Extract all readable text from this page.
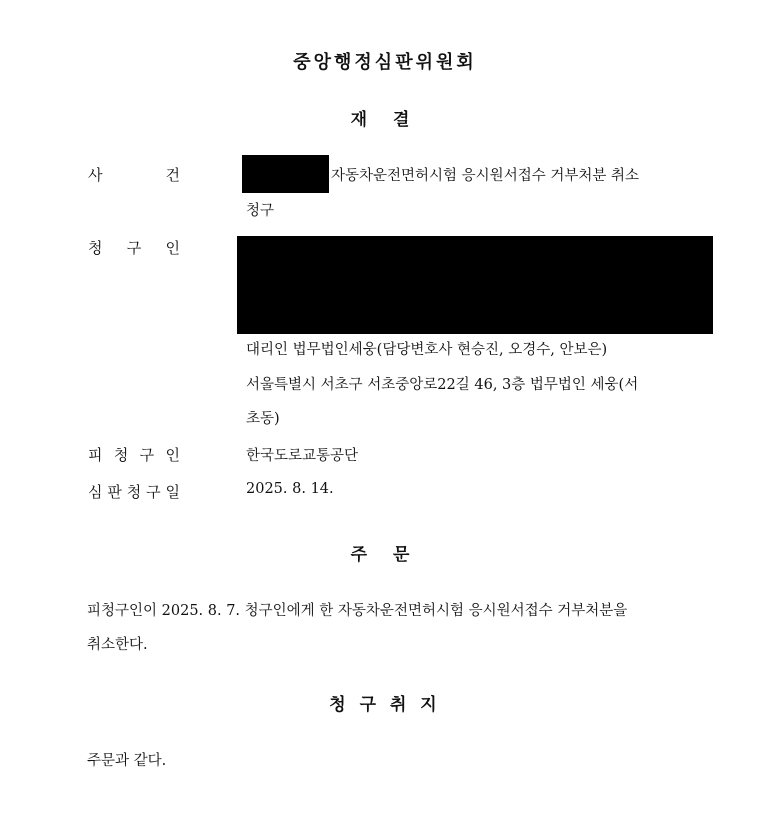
중앙행정심판위원회
재 결
사	건	자동차운전면허시험 응시원서접수 거부처분 취소
청구
청 구 인
대리인 법무법인세웅(담당변호사 현승진, 오경수, 안보은)
서울특별시 서초구 서초중앙로22길 46, 3층 법무법인 세웅(서
초동)
피 청 구 인	한국도로교통공단
심 판 청 구 일	2025. 8. 14.
주 문
피청구인이 2025. 8. 7. 청구인에게 한 자동차운전면허시험 응시원서접수 거부처분을
취소한다.
청 구 취 지
주문과 같다.
